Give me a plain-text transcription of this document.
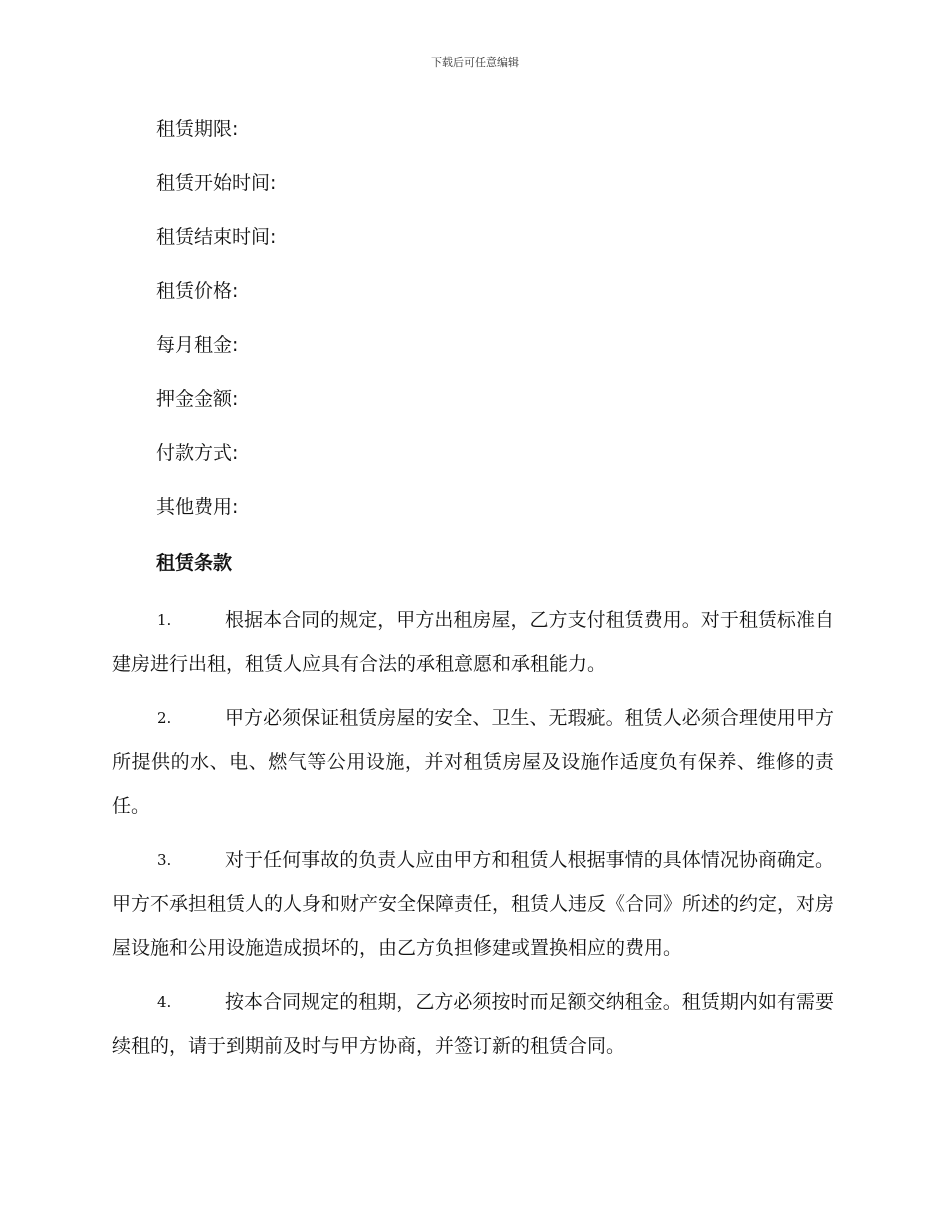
下载后可任意编辑
租赁期限:
租赁开始时间:
租赁结束时间:
租赁价格:
每月租金:
押金金额:
付款方式:
其他费用:
租赁条款
1.	根据本合同的规定，甲方出租房屋，乙方支付租赁费用。对于租赁标准自建房进行出租，租赁人应具有合法的承租意愿和承租能力。
2.	甲方必须保证租赁房屋的安全、卫生、无瑕疵。租赁人必须合理使用甲方所提供的水、电、燃气等公用设施，并对租赁房屋及设施作适度负有保养、维修的责任。
3.	对于任何事故的负责人应由甲方和租赁人根据事情的具体情况协商确定。甲方不承担租赁人的人身和财产安全保障责任，租赁人违反《合同》所述的约定，对房屋设施和公用设施造成损坏的，由乙方负担修建或置换相应的费用。
4.	按本合同规定的租期，乙方必须按时而足额交纳租金。租赁期内如有需要续租的，请于到期前及时与甲方协商，并签订新的租赁合同。
